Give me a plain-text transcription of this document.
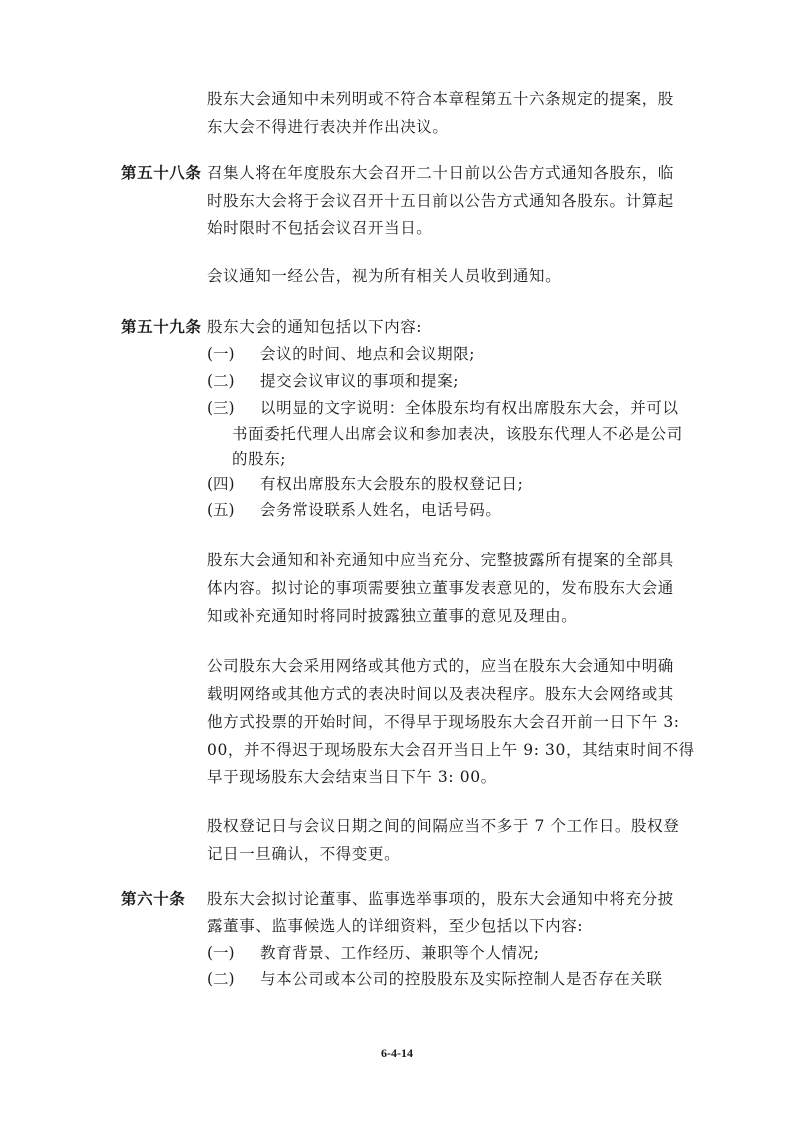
股东大会通知中未列明或不符合本章程第五十六条规定的提案，股
东大会不得进行表决并作出决议。
第五十八条 召集人将在年度股东大会召开二十日前以公告方式通知各股东，临
时股东大会将于会议召开十五日前以公告方式通知各股东。计算起
始时限时不包括会议召开当日。
会议通知一经公告，视为所有相关人员收到通知。
第五十九条 股东大会的通知包括以下内容:
(一) 会议的时间、地点和会议期限;
(二) 提交会议审议的事项和提案;
(三) 以明显的文字说明：全体股东均有权出席股东大会，并可以
书面委托代理人出席会议和参加表决，该股东代理人不必是公司
的股东;
(四) 有权出席股东大会股东的股权登记日;
(五) 会务常设联系人姓名，电话号码。
股东大会通知和补充通知中应当充分、完整披露所有提案的全部具
体内容。拟讨论的事项需要独立董事发表意见的，发布股东大会通
知或补充通知时将同时披露独立董事的意见及理由。
公司股东大会采用网络或其他方式的，应当在股东大会通知中明确
载明网络或其他方式的表决时间以及表决程序。股东大会网络或其
他方式投票的开始时间，不得早于现场股东大会召开前一日下午 3:
00，并不得迟于现场股东大会召开当日上午 9: 30，其结束时间不得
早于现场股东大会结束当日下午 3: 00。
股权登记日与会议日期之间的间隔应当不多于 7 个工作日。股权登
记日一旦确认，不得变更。
第六十条 股东大会拟讨论董事、监事选举事项的，股东大会通知中将充分披
露董事、监事候选人的详细资料，至少包括以下内容:
(一) 教育背景、工作经历、兼职等个人情况;
(二) 与本公司或本公司的控股股东及实际控制人是否存在关联
6-4-14
